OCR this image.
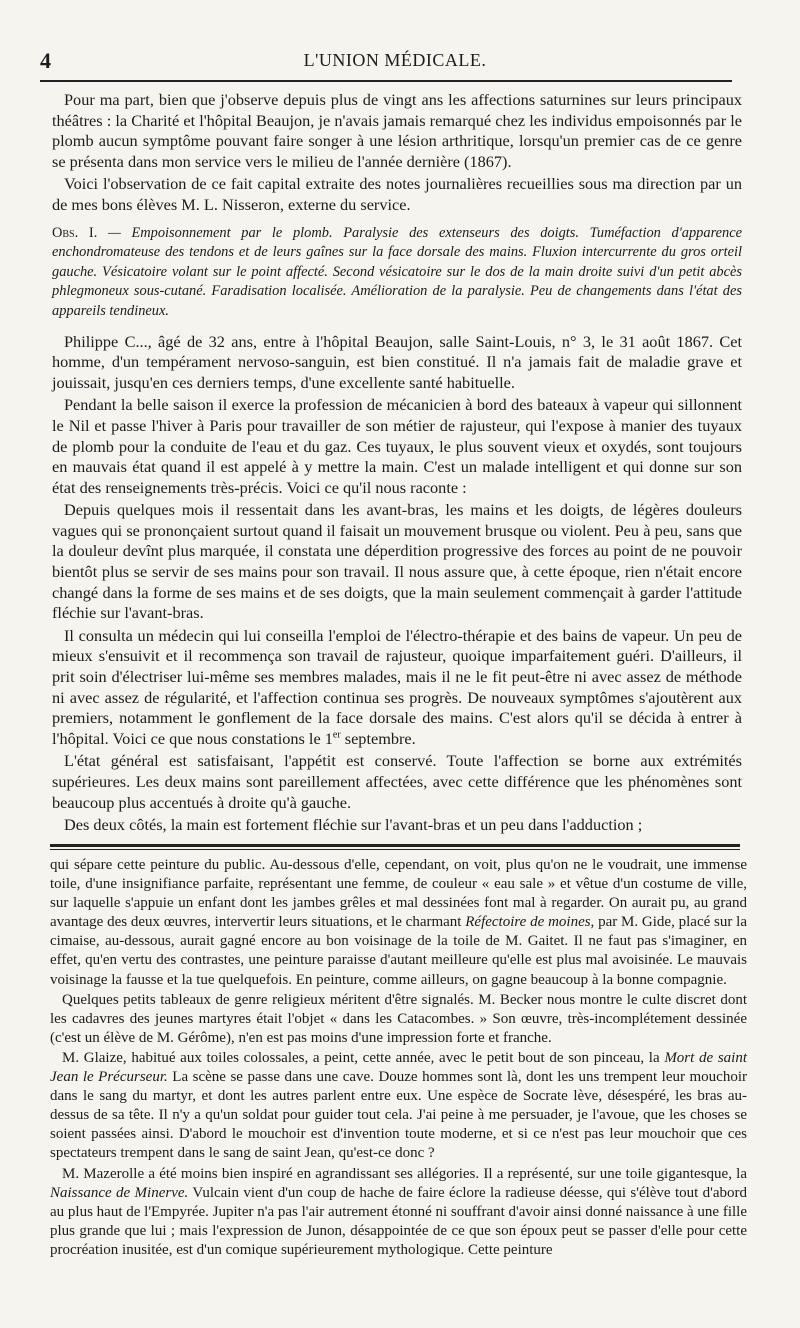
4	L'UNION MÉDICALE.

Pour ma part, bien que j'observe depuis plus de vingt ans les affections saturnines sur leurs principaux théâtres : la Charité et l'hôpital Beaujon, je n'avais jamais remarqué chez les individus empoisonnés par le plomb aucun symptôme pouvant faire songer à une lésion arthritique, lorsqu'un premier cas de ce genre se présenta dans mon service vers le milieu de l'année dernière (1867).

Voici l'observation de ce fait capital extraite des notes journalières recueillies sous ma direction par un de mes bons élèves M. L. Nisseron, externe du service.

Obs. I. — Empoisonnement par le plomb. Paralysie des extenseurs des doigts. Tuméfaction d'apparence enchondromateuse des tendons et de leurs gaînes sur la face dorsale des mains. Fluxion intercurrente du gros orteil gauche. Vésicatoire volant sur le point affecté. Second vésicatoire sur le dos de la main droite suivi d'un petit abcès phlegmoneux sous-cutané. Faradisation localisée. Amélioration de la paralysie. Peu de changements dans l'état des appareils tendineux.

Philippe C..., âgé de 32 ans, entre à l'hôpital Beaujon, salle Saint-Louis, n° 3, le 31 août 1867. Cet homme, d'un tempérament nervoso-sanguin, est bien constitué. Il n'a jamais fait de maladie grave et jouissait, jusqu'en ces derniers temps, d'une excellente santé habituelle.

Pendant la belle saison il exerce la profession de mécanicien à bord des bateaux à vapeur qui sillonnent le Nil et passe l'hiver à Paris pour travailler de son métier de rajusteur, qui l'expose à manier des tuyaux de plomb pour la conduite de l'eau et du gaz. Ces tuyaux, le plus souvent vieux et oxydés, sont toujours en mauvais état quand il est appelé à y mettre la main. C'est un malade intelligent et qui donne sur son état des renseignements très-précis. Voici ce qu'il nous raconte :

Depuis quelques mois il ressentait dans les avant-bras, les mains et les doigts, de légères douleurs vagues qui se prononçaient surtout quand il faisait un mouvement brusque ou violent. Peu à peu, sans que la douleur devînt plus marquée, il constata une déperdition progressive des forces au point de ne pouvoir bientôt plus se servir de ses mains pour son travail. Il nous assure que, à cette époque, rien n'était encore changé dans la forme de ses mains et de ses doigts, que la main seulement commençait à garder l'attitude fléchie sur l'avant-bras.

Il consulta un médecin qui lui conseilla l'emploi de l'électro-thérapie et des bains de vapeur. Un peu de mieux s'ensuivit et il recommença son travail de rajusteur, quoique imparfaitement guéri. D'ailleurs, il prit soin d'électriser lui-même ses membres malades, mais il ne le fit peut-être ni avec assez de méthode ni avec assez de régularité, et l'affection continua ses progrès. De nouveaux symptômes s'ajoutèrent aux premiers, notamment le gonflement de la face dorsale des mains. C'est alors qu'il se décida à entrer à l'hôpital. Voici ce que nous constations le 1er septembre.

L'état général est satisfaisant, l'appétit est conservé. Toute l'affection se borne aux extrémités supérieures. Les deux mains sont pareillement affectées, avec cette différence que les phénomènes sont beaucoup plus accentués à droite qu'à gauche.

Des deux côtés, la main est fortement fléchie sur l'avant-bras et un peu dans l'adduction ;

qui sépare cette peinture du public. Au-dessous d'elle, cependant, on voit, plus qu'on ne le voudrait, une immense toile, d'une insignifiance parfaite, représentant une femme, de couleur « eau sale » et vêtue d'un costume de ville, sur laquelle s'appuie un enfant dont les jambes grêles et mal dessinées font mal à regarder. On aurait pu, au grand avantage des deux œuvres, intervertir leurs situations, et le charmant Réfectoire de moines, par M. Gide, placé sur la cimaise, au-dessous, aurait gagné encore au bon voisinage de la toile de M. Gaitet. Il ne faut pas s'imaginer, en effet, qu'en vertu des contrastes, une peinture paraisse d'autant meilleure qu'elle est plus mal avoisinée. Le mauvais voisinage la fausse et la tue quelquefois. En peinture, comme ailleurs, on gagne beaucoup à la bonne compagnie.

Quelques petits tableaux de genre religieux méritent d'être signalés. M. Becker nous montre le culte discret dont les cadavres des jeunes martyres était l'objet « dans les Catacombes. » Son œuvre, très-incomplétement dessinée (c'est un élève de M. Gérôme), n'en est pas moins d'une impression forte et franche.

M. Glaize, habitué aux toiles colossales, a peint, cette année, avec le petit bout de son pinceau, la Mort de saint Jean le Précurseur. La scène se passe dans une cave. Douze hommes sont là, dont les uns trempent leur mouchoir dans le sang du martyr, et dont les autres parlent entre eux. Une espèce de Socrate lève, désespéré, les bras au-dessus de sa tête. Il n'y a qu'un soldat pour guider tout cela. J'ai peine à me persuader, je l'avoue, que les choses se soient passées ainsi. D'abord le mouchoir est d'invention toute moderne, et si ce n'est pas leur mouchoir que ces spectateurs trempent dans le sang de saint Jean, qu'est-ce donc ?

M. Mazerolle a été moins bien inspiré en agrandissant ses allégories. Il a représenté, sur une toile gigantesque, la Naissance de Minerve. Vulcain vient d'un coup de hache de faire éclore la radieuse déesse, qui s'élève tout d'abord au plus haut de l'Empyrée. Jupiter n'a pas l'air autrement étonné ni souffrant d'avoir ainsi donné naissance à une fille plus grande que lui ; mais l'expression de Junon, désappointée de ce que son époux peut se passer d'elle pour cette procréation inusitée, est d'un comique supérieurement mythologique. Cette peinture
